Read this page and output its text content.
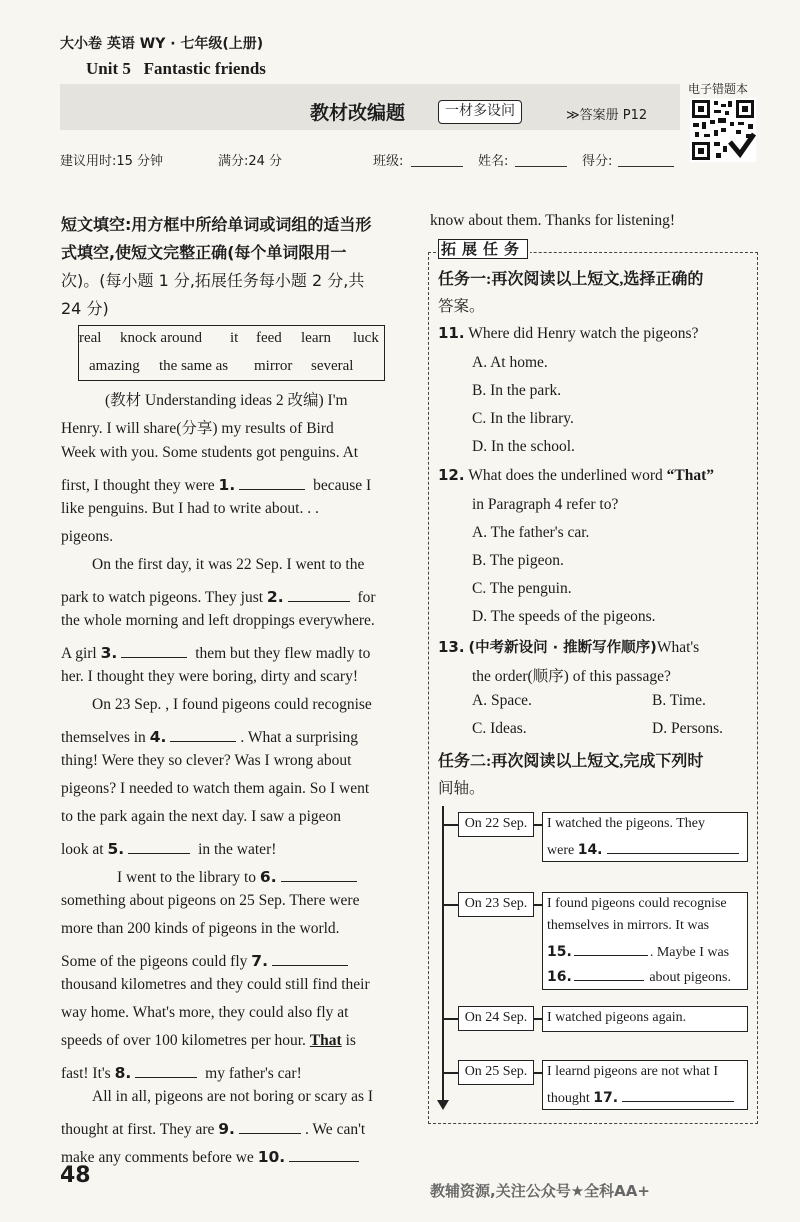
大小卷 英语 WY · 七年级(上册)
Unit 5 Fantastic friends
教材改编题	一材多设问	≫答案册 P12
电子错题本
建议用时:15 分钟	满分:24 分	班级:	姓名:	得分:
短文填空:用方框中所给单词或词组的适当形
式填空,使短文完整正确(每个单词限用一
次)。(每小题 1 分,拓展任务每小题 2 分,共
24 分)
real knock around it feed learn luck
amazing the same as mirror several
(教材 Understanding ideas 2 改编) I'm
Henry. I will share(分享) my results of Bird
Week with you. Some students got penguins. At
first, I thought they were 1.	because I
like penguins. But I had to write about. . .
pigeons.
On the first day, it was 22 Sep. I went to the
park to watch pigeons. They just 2.	for
the whole morning and left droppings everywhere.
A girl 3.	them but they flew madly to
her. I thought they were boring, dirty and scary!
On 23 Sep. , I found pigeons could recognise
themselves in 4.	. What a surprising
thing! Were they so clever? Was I wrong about
pigeons? I needed to watch them again. So I went
to the park again the next day. I saw a pigeon
look at 5.	in the water!
I went to the library to 6.
something about pigeons on 25 Sep. There were
more than 200 kinds of pigeons in the world.
Some of the pigeons could fly 7.
thousand kilometres and they could still find their
way home. What's more, they could also fly at
speeds of over 100 kilometres per hour. That is
fast! It's 8.	my father's car!
All in all, pigeons are not boring or scary as I
thought at first. They are 9.	. We can't
make any comments before we 10.
know about them. Thanks for listening!
拓展任务
任务一:再次阅读以上短文,选择正确的
答案。
11. Where did Henry watch the pigeons?
A. At home.
B. In the park.
C. In the library.
D. In the school.
12. What does the underlined word “That”
in Paragraph 4 refer to?
A. The father's car.
B. The pigeon.
C. The penguin.
D. The speeds of the pigeons.
13. (中考新设问 · 推断写作顺序)What's
the order(顺序) of this passage?
A. Space.	B. Time.
C. Ideas.	D. Persons.
任务二:再次阅读以上短文,完成下列时
间轴。
On 22 Sep.	I watched the pigeons. They
were 14.
On 23 Sep.	I found pigeons could recognise
themselves in mirrors. It was
15.	. Maybe I was
16.	about pigeons.
On 24 Sep.	I watched pigeons again.
On 25 Sep.	I learnd pigeons are not what I
thought 17.
48
教辅资源,关注公众号★全科AA+
